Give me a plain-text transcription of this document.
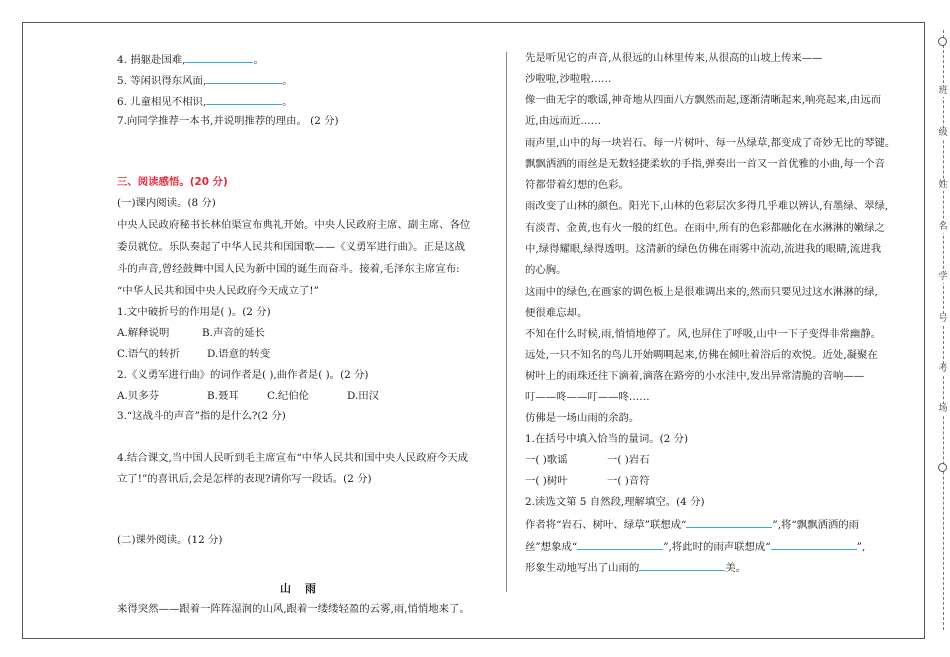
班
级
姓
名
学
号
考
场
4. 捐躯赴国难,	。
5. 等闲识得东风面,	。
6. 儿童相见不相识,	。
7.向同学推荐一本书,并说明推荐的理由。 (2 分)
三、阅读感悟。(20 分)
(一)课内阅读。(8 分)
中央人民政府秘书长林伯渠宣布典礼开始。中央人民政府主席、副主席、各位
委员就位。乐队奏起了中华人民共和国国歌——《义勇军进行曲》。正是这战
斗的声音,曾经鼓舞中国人民为新中国的诞生而奋斗。接着,毛泽东主席宣布:
“中华人民共和国中央人民政府今天成立了!”
1.文中破折号的作用是( )。(2 分)
A.解释说明	B.声音的延长
C.语气的转折	D.语意的转变
2.《义勇军进行曲》的词作者是( ),曲作者是( )。(2 分)
A.贝多芬	B.聂耳	C.纪伯伦	D.田汉
3.“这战斗的声音”指的是什么?(2 分)
4.结合课文,当中国人民听到毛主席宣布“中华人民共和国中央人民政府今天成
立了!”的喜讯后,会是怎样的表现?请你写一段话。(2 分)
(二)课外阅读。(12 分)
山雨
来得突然——跟着一阵阵湿润的山风,跟着一缕缕轻盈的云雾,雨,悄悄地来了。
先是听见它的声音,从很远的山林里传来,从很高的山坡上传来——
沙啦啦,沙啦啦……
像一曲无字的歌谣,神奇地从四面八方飘然而起,逐渐清晰起来,响亮起来,由远而
近,由远而近……
雨声里,山中的每一块岩石、每一片树叶、每一丛绿草,都变成了奇妙无比的琴键。
飘飘洒洒的雨丝是无数轻捷柔软的手指,弹奏出一首又一首优雅的小曲,每一个音
符都带着幻想的色彩。
雨改变了山林的颜色。阳光下,山林的色彩层次多得几乎难以辨认,有墨绿、翠绿,
有淡青、金黄,也有火一般的红色。在雨中,所有的色彩都融化在水淋淋的嫩绿之
中,绿得耀眼,绿得透明。这清新的绿色仿佛在雨雾中流动,流进我的眼睛,流进我
的心胸。
这雨中的绿色,在画家的调色板上是很难调出来的,然而只要见过这水淋淋的绿,
便很难忘却。
不知在什么时候,雨,悄悄地停了。风,也屏住了呼吸,山中一下子变得非常幽静。
远处,一只不知名的鸟儿开始啁啁起来,仿佛在倾吐着浴后的欢悦。近处,凝聚在
树叶上的雨珠还往下滴着,滴落在路旁的小水洼中,发出异常清脆的音响——
叮——咚——叮——咚……
仿佛是一场山雨的余韵。
1.在括号中填入恰当的量词。(2 分)
一( )歌谣	一( )岩石
一( )树叶	一( )音符
2.读选文第 5 自然段,理解填空。(4 分)
作者将“岩石、树叶、绿草”联想成“	”,将“飘飘洒洒的雨
丝”想象成“	”,将此时的雨声联想成“	”,
形象生动地写出了山雨的	美。
